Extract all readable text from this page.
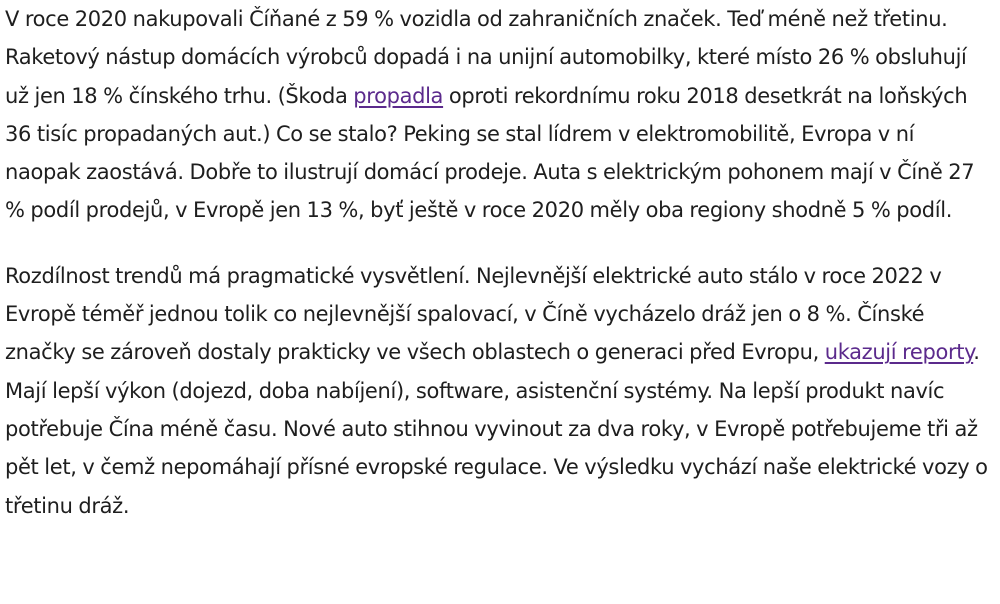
V roce 2020 nakupovali Číňané z 59 % vozidla od zahraničních značek. Teď méně než třetinu. Raketový nástup domácích výrobců dopadá i na unijní automobilky, které místo 26 % obsluhují už jen 18 % čínského trhu. (Škoda propadla oproti rekordnímu roku 2018 desetkrát na loňských 36 tisíc propadaných aut.) Co se stalo? Peking se stal lídrem v elektromobilitě, Evropa v ní naopak zaostává. Dobře to ilustrují domácí prodeje. Auta s elektrickým pohonem mají v Číně 27 % podíl prodejů, v Evropě jen 13 %, byť ještě v roce 2020 měly oba regiony shodně 5 % podíl.

Rozdílnost trendů má pragmatické vysvětlení. Nejlevnější elektrické auto stálo v roce 2022 v Evropě téměř jednou tolik co nejlevnější spalovací, v Číně vycházelo dráž jen o 8 %. Čínské značky se zároveň dostaly prakticky ve všech oblastech o generaci před Evropu, ukazují reporty. Mají lepší výkon (dojezd, doba nabíjení), software, asistenční systémy. Na lepší produkt navíc potřebuje Čína méně času. Nové auto stihnou vyvinout za dva roky, v Evropě potřebujeme tři až pět let, v čemž nepomáhají přísné evropské regulace. Ve výsledku vychází naše elektrické vozy o třetinu dráž.
